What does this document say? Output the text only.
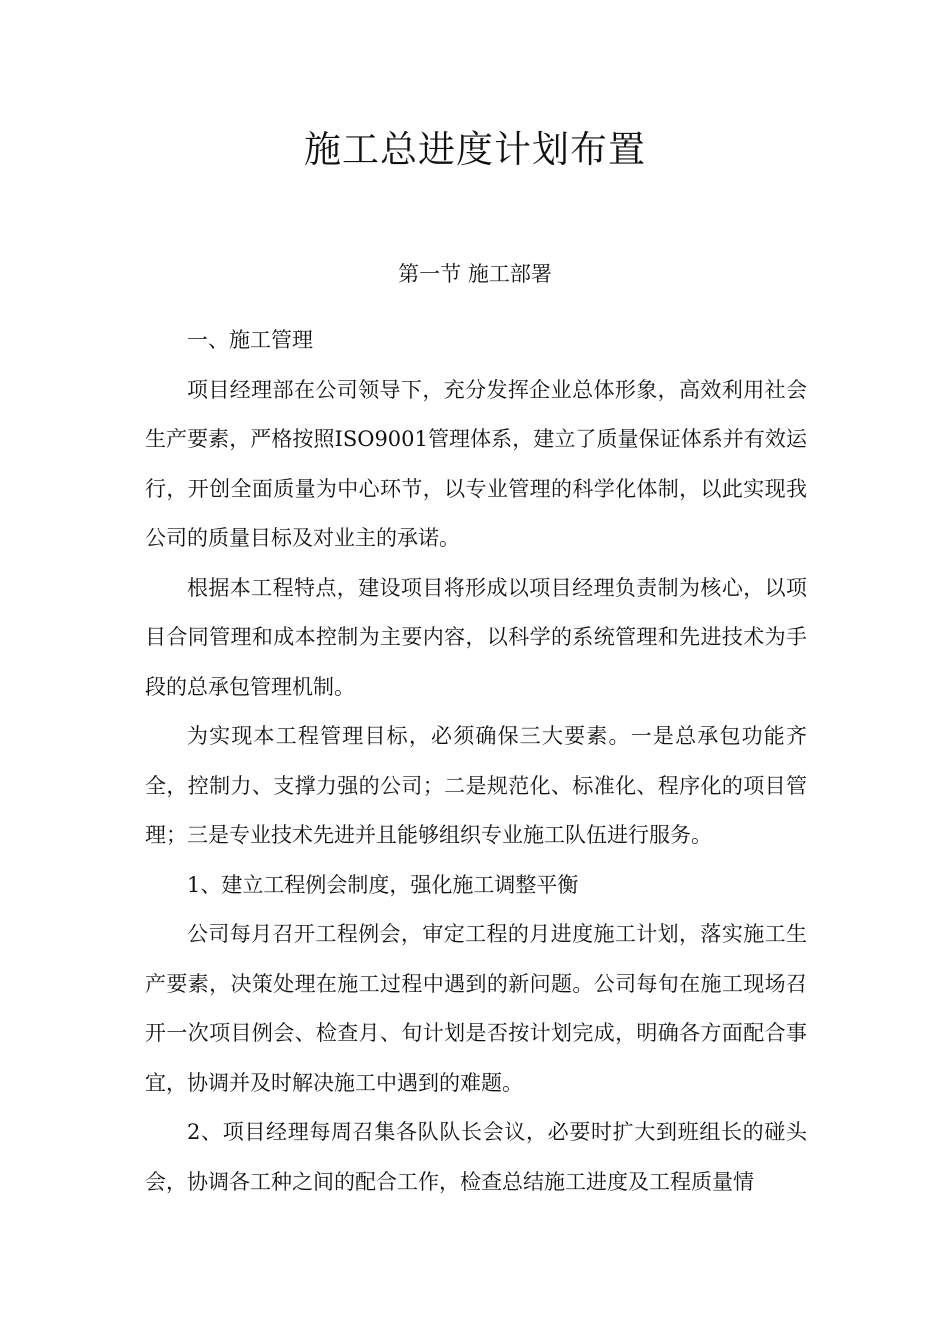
施工总进度计划布置
第一节 施工部署

一、施工管理

项目经理部在公司领导下，充分发挥企业总体形象，高效利用社会生产要素，严格按照ISO9001管理体系，建立了质量保证体系并有效运行，开创全面质量为中心环节，以专业管理的科学化体制，以此实现我公司的质量目标及对业主的承诺。

根据本工程特点，建设项目将形成以项目经理负责制为核心，以项目合同管理和成本控制为主要内容，以科学的系统管理和先进技术为手段的总承包管理机制。

为实现本工程管理目标，必须确保三大要素。一是总承包功能齐全，控制力、支撑力强的公司；二是规范化、标准化、程序化的项目管理；三是专业技术先进并且能够组织专业施工队伍进行服务。

1、建立工程例会制度，强化施工调整平衡

公司每月召开工程例会，审定工程的月进度施工计划，落实施工生产要素，决策处理在施工过程中遇到的新问题。公司每旬在施工现场召开一次项目例会、检查月、旬计划是否按计划完成，明确各方面配合事宜，协调并及时解决施工中遇到的难题。

2、项目经理每周召集各队队长会议，必要时扩大到班组长的碰头会，协调各工种之间的配合工作，检查总结施工进度及工程质量情
